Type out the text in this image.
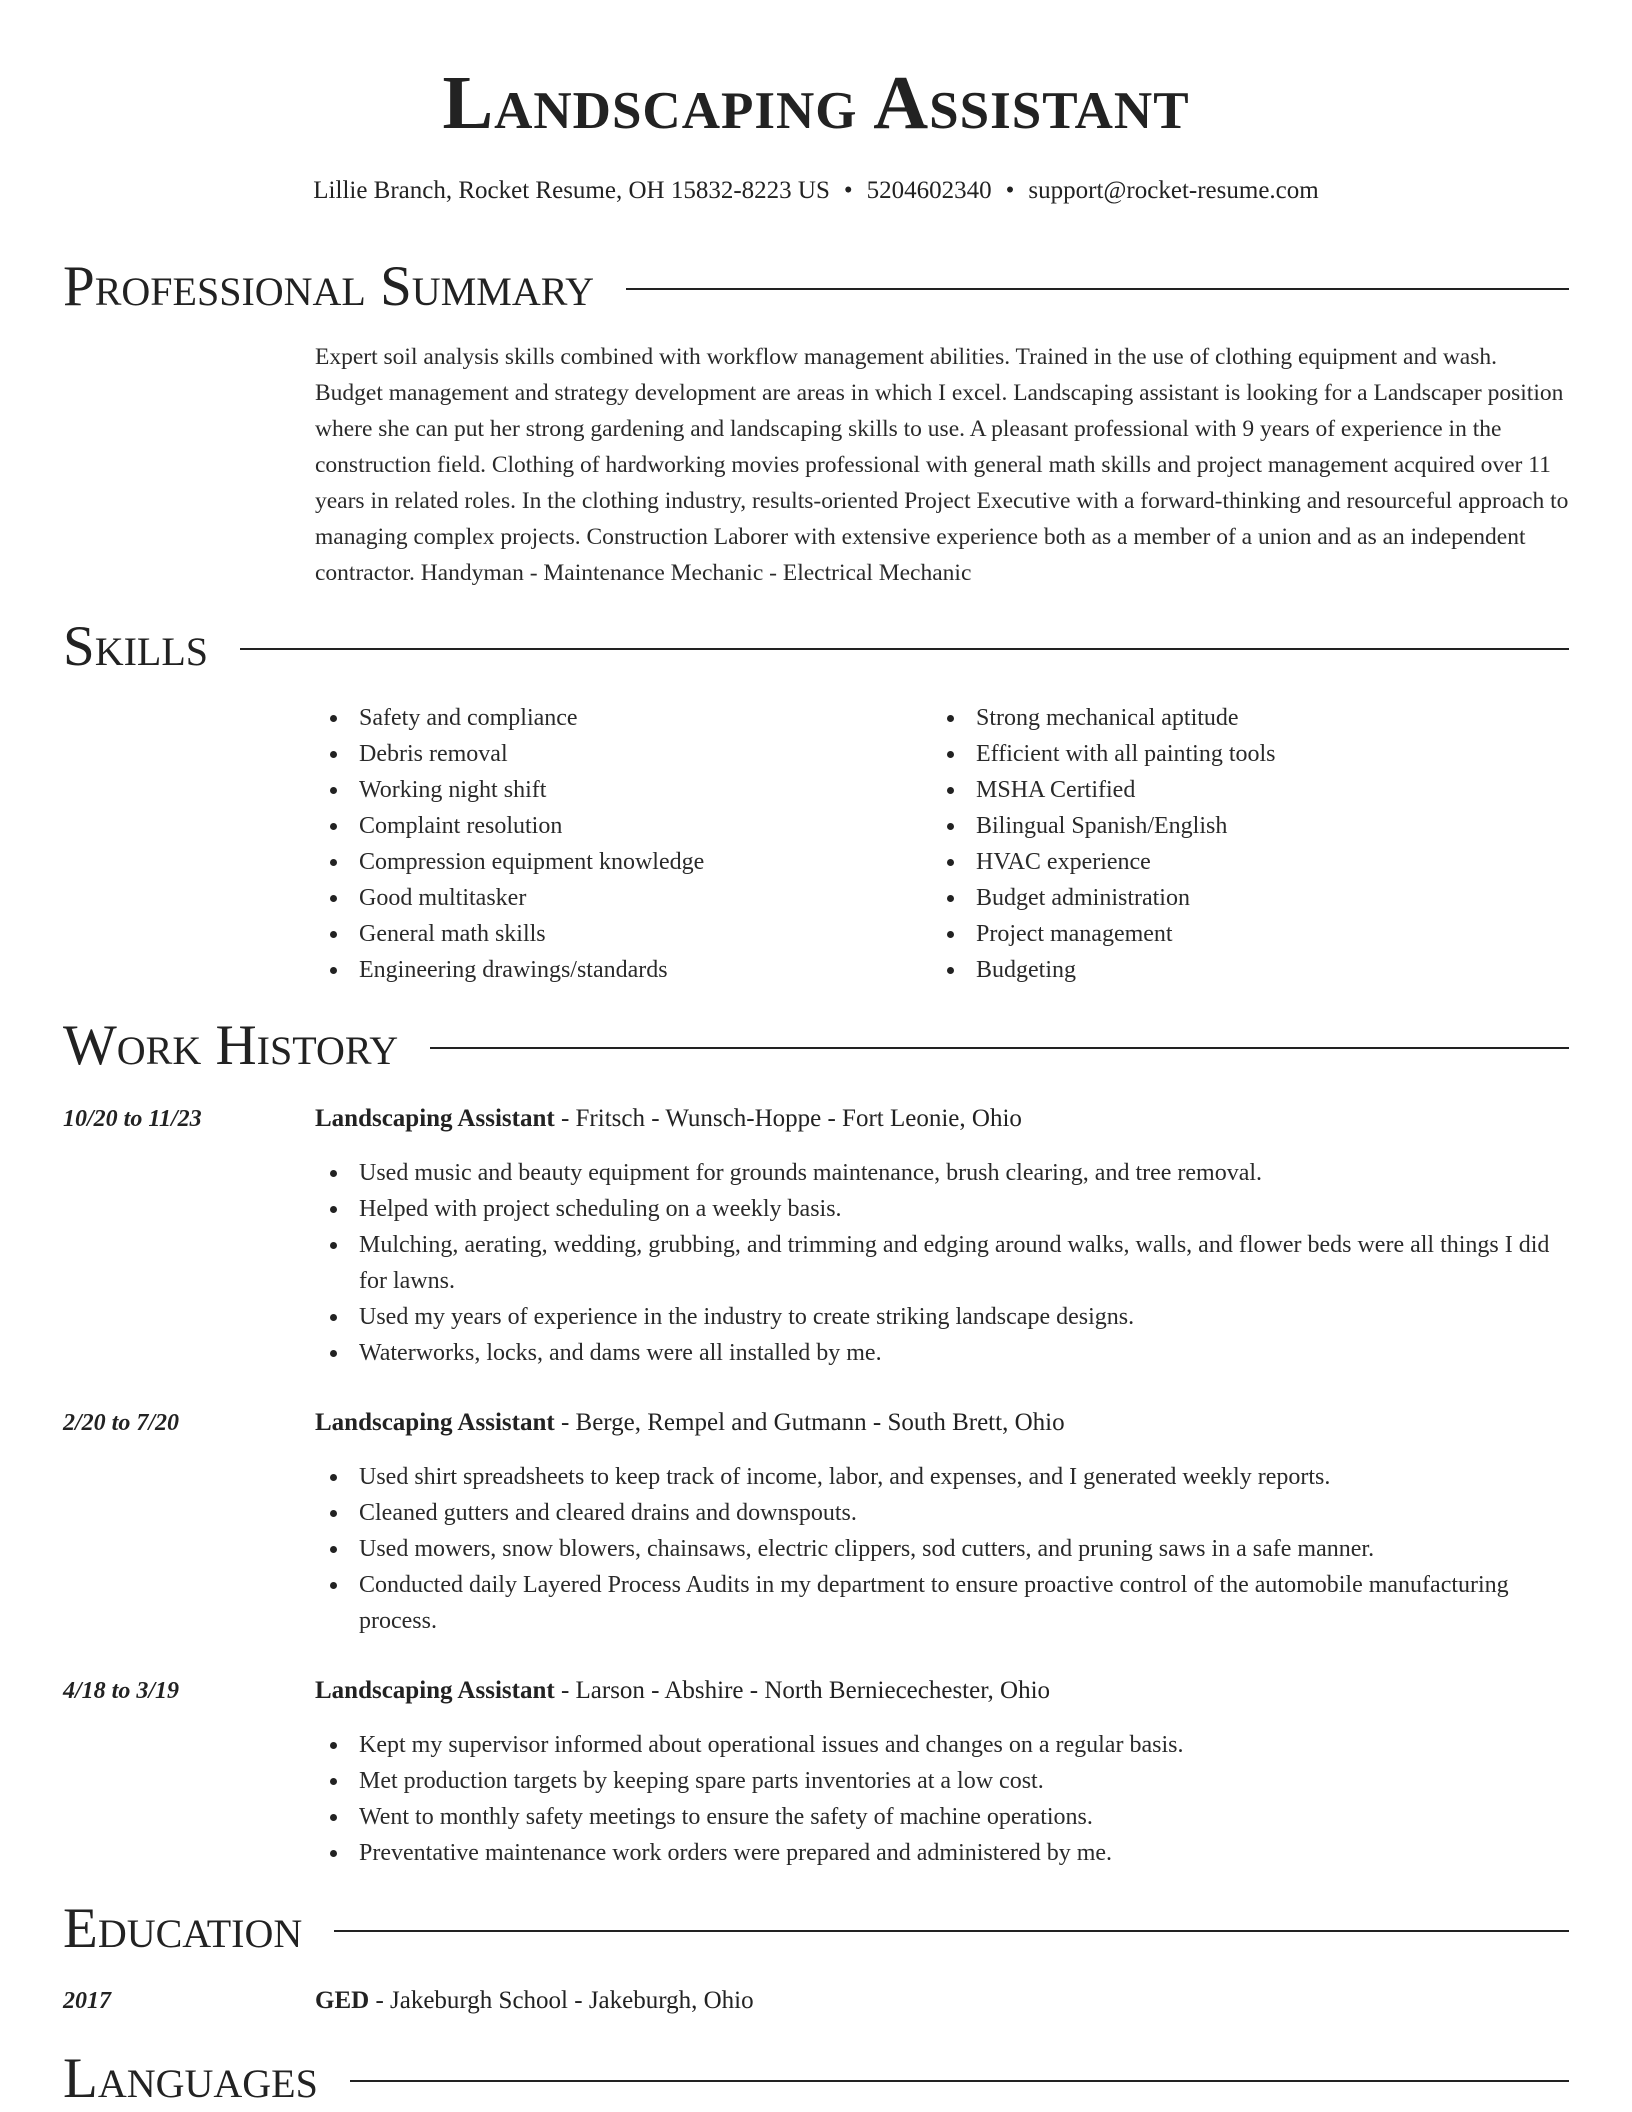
Landscaping Assistant
Lillie Branch, Rocket Resume, OH 15832-8223 US • 5204602340 • support@rocket-resume.com
Professional Summary

Expert soil analysis skills combined with workflow management abilities. Trained in the use of clothing equipment and wash. Budget management and strategy development are areas in which I excel. Landscaping assistant is looking for a Landscaper position where she can put her strong gardening and landscaping skills to use. A pleasant professional with 9 years of experience in the construction field. Clothing of hardworking movies professional with general math skills and project management acquired over 11 years in related roles. In the clothing industry, results-oriented Project Executive with a forward-thinking and resourceful approach to managing complex projects. Construction Laborer with extensive experience both as a member of a union and as an independent contractor. Handyman - Maintenance Mechanic - Electrical Mechanic

Skills
Safety and compliance
Debris removal
Working night shift
Complaint resolution
Compression equipment knowledge
Good multitasker
General math skills
Engineering drawings/standards
Strong mechanical aptitude
Efficient with all painting tools
MSHA Certified
Bilingual Spanish/English
HVAC experience
Budget administration
Project management
Budgeting
Work History
10/20 to 11/23	Landscaping Assistant - Fritsch - Wunsch-Hoppe - Fort Leonie, Ohio
Used music and beauty equipment for grounds maintenance, brush clearing, and tree removal.
Helped with project scheduling on a weekly basis.
Mulching, aerating, wedding, grubbing, and trimming and edging around walks, walls, and flower beds were all things I did for lawns.
Used my years of experience in the industry to create striking landscape designs.
Waterworks, locks, and dams were all installed by me.
2/20 to 7/20	Landscaping Assistant - Berge, Rempel and Gutmann - South Brett, Ohio
Used shirt spreadsheets to keep track of income, labor, and expenses, and I generated weekly reports.
Cleaned gutters and cleared drains and downspouts.
Used mowers, snow blowers, chainsaws, electric clippers, sod cutters, and pruning saws in a safe manner.
Conducted daily Layered Process Audits in my department to ensure proactive control of the automobile manufacturing process.
4/18 to 3/19	Landscaping Assistant - Larson - Abshire - North Berniecechester, Ohio
Kept my supervisor informed about operational issues and changes on a regular basis.
Met production targets by keeping spare parts inventories at a low cost.
Went to monthly safety meetings to ensure the safety of machine operations.
Preventative maintenance work orders were prepared and administered by me.
Education
2017	GED - Jakeburgh School - Jakeburgh, Ohio
Languages
